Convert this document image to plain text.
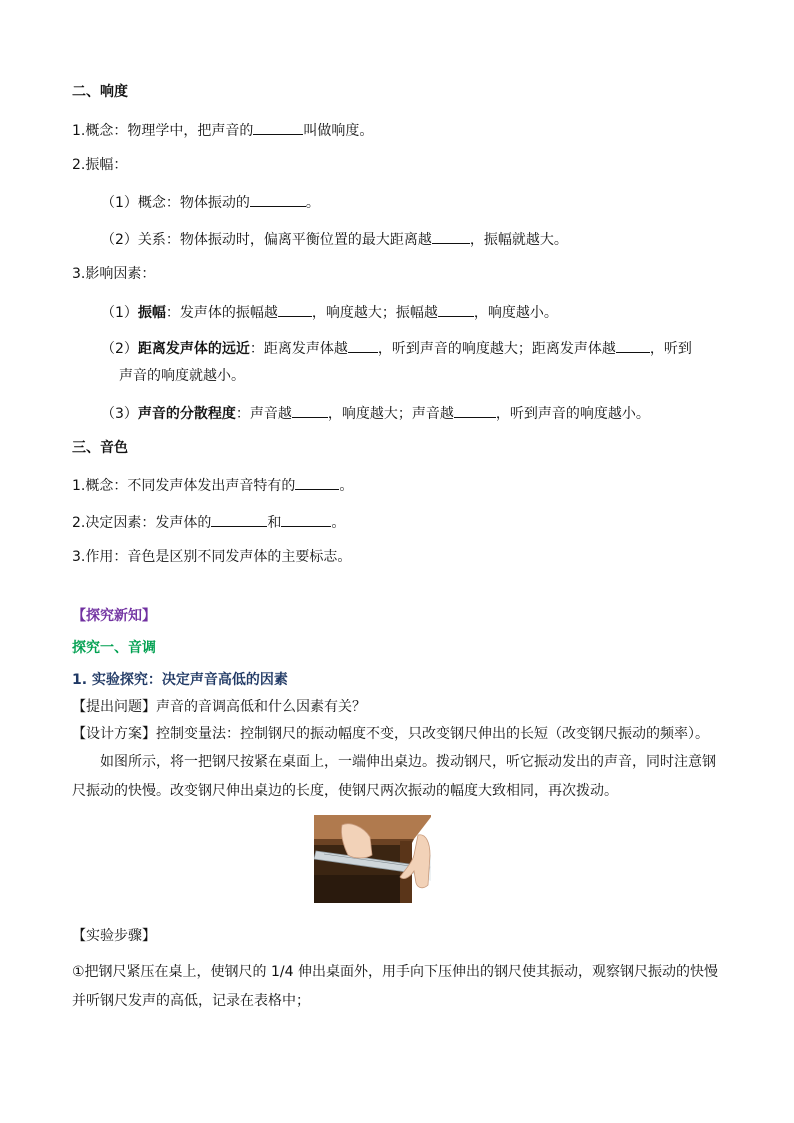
二、响度
1.概念：物理学中，把声音的	叫做响度。
2.振幅：
（1）概念：物体振动的	。
（2）关系：物体振动时，偏离平衡位置的最大距离越	，振幅就越大。
3.影响因素：
（1）振幅：发声体的振幅越 ，响度越大；振幅越	，响度越小。
（2）距离发声体的远近：距离发声体越 ，听到声音的响度越大；距离发声体越 ，听到
声音的响度就越小。
（3）声音的分散程度：声音越	，响度越大；声音越	，听到声音的响度越小。
三、音色
1.概念：不同发声体发出声音特有的	。
2.决定因素：发声体的	和	。
3.作用：音色是区别不同发声体的主要标志。
【探究新知】
探究一、音调
1. 实验探究：决定声音高低的因素
【提出问题】声音的音调高低和什么因素有关？
【设计方案】控制变量法：控制钢尺的振动幅度不变，只改变钢尺伸出的长短（改变钢尺振动的频率）。
如图所示，将一把钢尺按紧在桌面上，一端伸出桌边。拨动钢尺，听它振动发出的声音，同时注意钢
尺振动的快慢。改变钢尺伸出桌边的长度，使钢尺两次振动的幅度大致相同，再次拨动。
【实验步骤】
①把钢尺紧压在桌上，使钢尺的 1/4 伸出桌面外，用手向下压伸出的钢尺使其振动，观察钢尺振动的快慢
并听钢尺发声的高低，记录在表格中；
